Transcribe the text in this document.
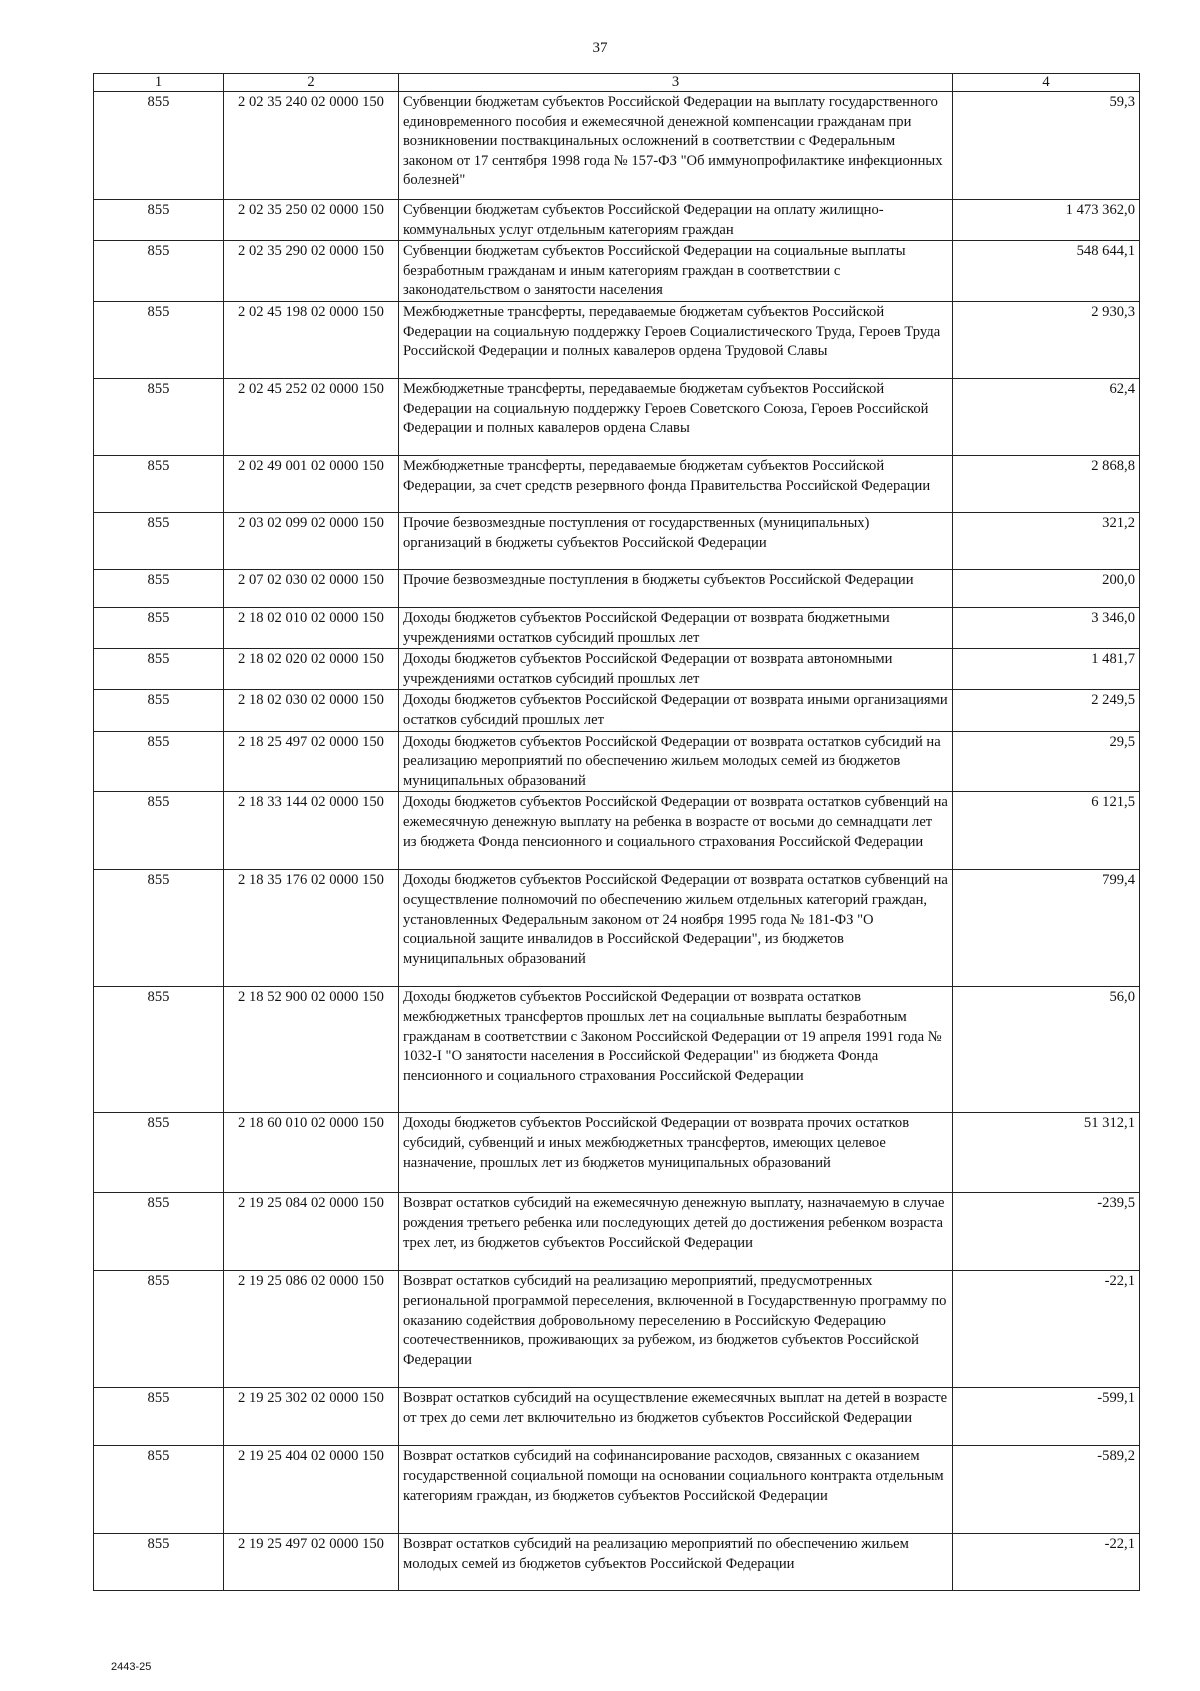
37
1	2	3	4
855	2 02 35 240 02 0000 150	Субвенции бюджетам субъектов Российской Федерации на выплату государственного единовременного пособия и ежемесячной денежной компенсации гражданам при возникновении поствакцинальных осложнений в соответствии с Федеральным законом от 17 сентября 1998 года № 157-ФЗ "Об иммунопрофилактике инфекционных болезней"	59,3
855	2 02 35 250 02 0000 150	Субвенции бюджетам субъектов Российской Федерации на оплату жилищно-коммунальных услуг отдельным категориям граждан	1 473 362,0
855	2 02 35 290 02 0000 150	Субвенции бюджетам субъектов Российской Федерации на социальные выплаты безработным гражданам и иным категориям граждан в соответствии с законодательством о занятости населения	548 644,1
855	2 02 45 198 02 0000 150	Межбюджетные трансферты, передаваемые бюджетам субъектов Российской Федерации на социальную поддержку Героев Социалистического Труда, Героев Труда Российской Федерации и полных кавалеров ордена Трудовой Славы	2 930,3
855	2 02 45 252 02 0000 150	Межбюджетные трансферты, передаваемые бюджетам субъектов Российской Федерации на социальную поддержку Героев Советского Союза, Героев Российской Федерации и полных кавалеров ордена Славы	62,4
855	2 02 49 001 02 0000 150	Межбюджетные трансферты, передаваемые бюджетам субъектов Российской Федерации, за счет средств резервного фонда Правительства Российской Федерации	2 868,8
855	2 03 02 099 02 0000 150	Прочие безвозмездные поступления от государственных (муниципальных) организаций в бюджеты субъектов Российской Федерации	321,2
855	2 07 02 030 02 0000 150	Прочие безвозмездные поступления в бюджеты субъектов Российской Федерации	200,0
855	2 18 02 010 02 0000 150	Доходы бюджетов субъектов Российской Федерации от возврата бюджетными учреждениями остатков субсидий прошлых лет	3 346,0
855	2 18 02 020 02 0000 150	Доходы бюджетов субъектов Российской Федерации от возврата автономными учреждениями остатков субсидий прошлых лет	1 481,7
855	2 18 02 030 02 0000 150	Доходы бюджетов субъектов Российской Федерации от возврата иными организациями остатков субсидий прошлых лет	2 249,5
855	2 18 25 497 02 0000 150	Доходы бюджетов субъектов Российской Федерации от возврата остатков субсидий на реализацию мероприятий по обеспечению жильем молодых семей из бюджетов муниципальных образований	29,5
855	2 18 33 144 02 0000 150	Доходы бюджетов субъектов Российской Федерации от возврата остатков субвенций на ежемесячную денежную выплату на ребенка в возрасте от восьми до семнадцати лет из бюджета Фонда пенсионного и социального страхования Российской Федерации	6 121,5
855	2 18 35 176 02 0000 150	Доходы бюджетов субъектов Российской Федерации от возврата остатков субвенций на осуществление полномочий по обеспечению жильем отдельных категорий граждан, установленных Федеральным законом от 24 ноября 1995 года № 181-ФЗ "О социальной защите инвалидов в Российской Федерации", из бюджетов муниципальных образований	799,4
855	2 18 52 900 02 0000 150	Доходы бюджетов субъектов Российской Федерации от возврата остатков межбюджетных трансфертов прошлых лет на социальные выплаты безработным гражданам в соответствии с Законом Российской Федерации от 19 апреля 1991 года № 1032-I "О занятости населения в Российской Федерации" из бюджета Фонда пенсионного и социального страхования Российской Федерации	56,0
855	2 18 60 010 02 0000 150	Доходы бюджетов субъектов Российской Федерации от возврата прочих остатков субсидий, субвенций и иных межбюджетных трансфертов, имеющих целевое назначение, прошлых лет из бюджетов муниципальных образований	51 312,1
855	2 19 25 084 02 0000 150	Возврат остатков субсидий на ежемесячную денежную выплату, назначаемую в случае рождения третьего ребенка или последующих детей до достижения ребенком возраста трех лет, из бюджетов субъектов Российской Федерации	-239,5
855	2 19 25 086 02 0000 150	Возврат остатков субсидий на реализацию мероприятий, предусмотренных региональной программой переселения, включенной в Государственную программу по оказанию содействия добровольному переселению в Российскую Федерацию соотечественников, проживающих за рубежом, из бюджетов субъектов Российской Федерации	-22,1
855	2 19 25 302 02 0000 150	Возврат остатков субсидий на осуществление ежемесячных выплат на детей в возрасте от трех до семи лет включительно из бюджетов субъектов Российской Федерации	-599,1
855	2 19 25 404 02 0000 150	Возврат остатков субсидий на софинансирование расходов, связанных с оказанием государственной социальной помощи на основании социального контракта отдельным категориям граждан, из бюджетов субъектов Российской Федерации	-589,2
855	2 19 25 497 02 0000 150	Возврат остатков субсидий на реализацию мероприятий по обеспечению жильем молодых семей из бюджетов субъектов Российской Федерации	-22,1
2443-25
